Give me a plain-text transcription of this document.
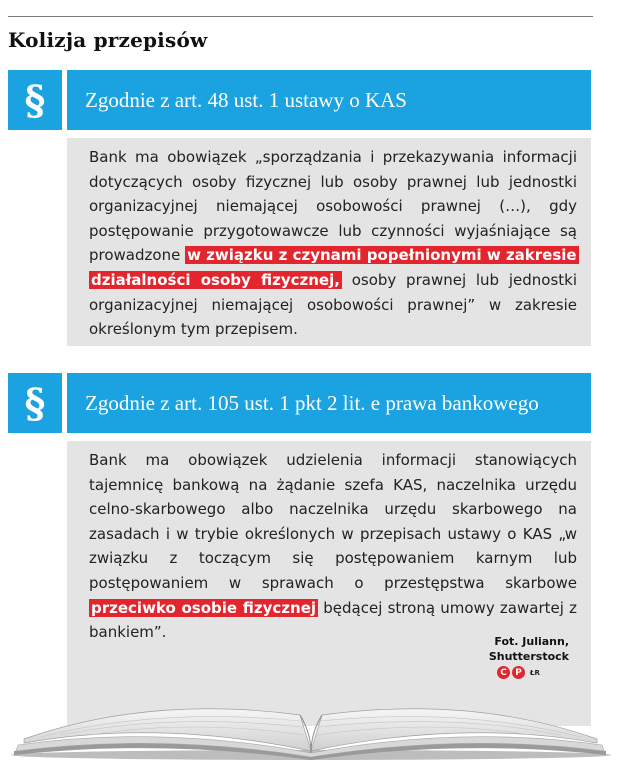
Kolizja przepisów
§	Zgodnie z art. 48 ust. 1 ustawy o KAS

Bank ma obowiązek „sporządzania i przekazywania informacji dotyczących osoby fizycznej lub osoby prawnej lub jednostki organizacyjnej niemającej osobowości prawnej (…), gdy postępowanie przygotowawcze lub czynności wyjaśniające są prowadzone w związku z czynami popełnionymi w zakresie działalności osoby fizycznej, osoby prawnej lub jednostki organizacyjnej niemającej osobowości prawnej” w zakresie określonym tym przepisem.

§	Zgodnie z art. 105 ust. 1 pkt 2 lit. e prawa bankowego

Bank ma obowiązek udzielenia informacji stanowiących tajemnicę bankową na żądanie szefa KAS, naczelnika urzędu celno-skarbowego albo naczelnika urzędu skarbowego na zasadach i w trybie określonych w przepisach ustawy o KAS „w związku z toczącym się postępowaniem karnym lub postępowaniem w sprawach o przestępstwa skarbowe przeciwko osobie fizycznej będącej stroną umowy zawartej z bankiem”.

Fot. Juliann,
Shutterstock
C P	ŁR
